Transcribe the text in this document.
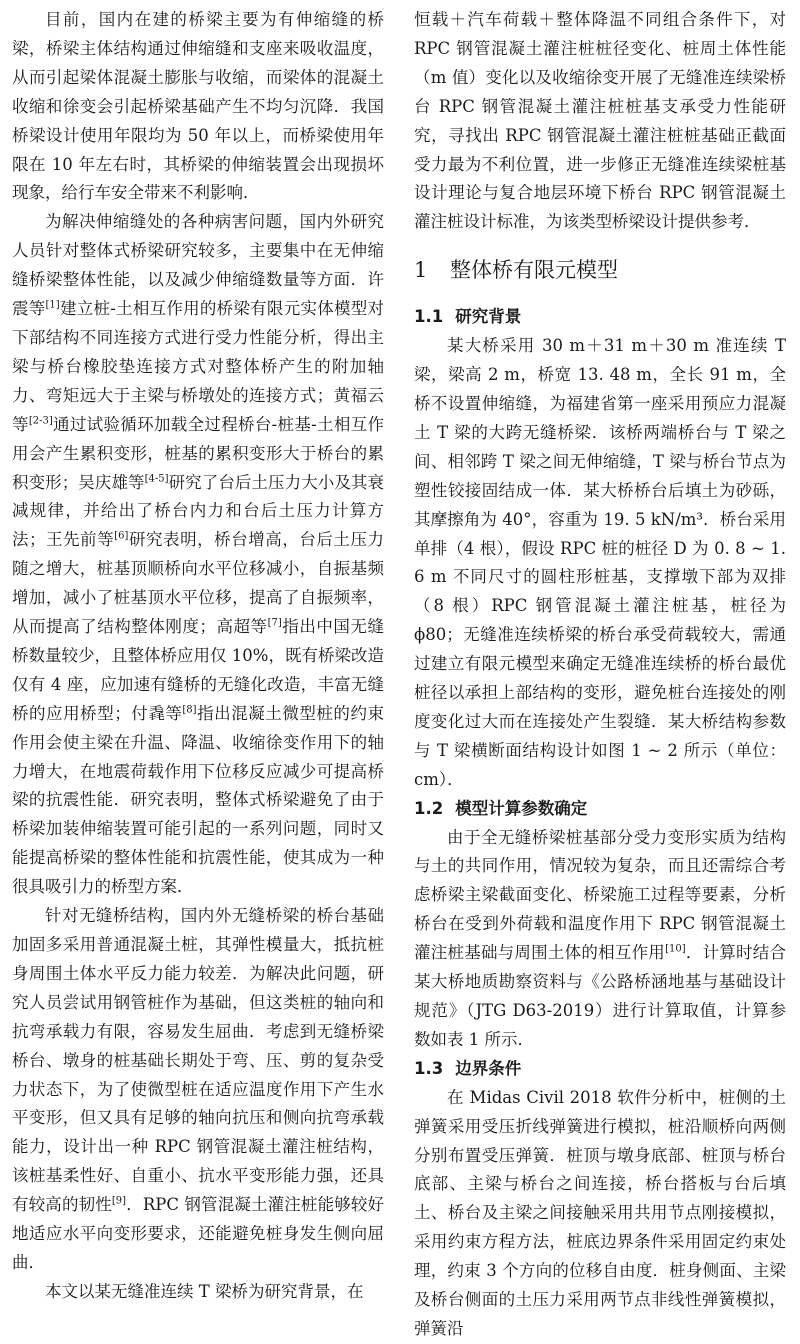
目前，国内在建的桥梁主要为有伸缩缝的桥梁，桥梁主体结构通过伸缩缝和支座来吸收温度，从而引起梁体混凝土膨胀与收缩，而梁体的混凝土收缩和徐变会引起桥梁基础产生不均匀沉降．我国桥梁设计使用年限均为 50 年以上，而桥梁使用年限在 10 年左右时，其桥梁的伸缩装置会出现损坏现象，给行车安全带来不利影响．

为解决伸缩缝处的各种病害问题，国内外研究人员针对整体式桥梁研究较多，主要集中在无伸缩缝桥梁整体性能，以及减少伸缩缝数量等方面．许震等[1]建立桩-土相互作用的桥梁有限元实体模型对下部结构不同连接方式进行受力性能分析，得出主梁与桥台橡胶垫连接方式对整体桥产生的附加轴力、弯矩远大于主梁与桥墩处的连接方式；黄福云等[2-3]通过试验循环加载全过程桥台-桩基-土相互作用会产生累积变形，桩基的累积变形大于桥台的累积变形；吴庆雄等[4-5]研究了台后土压力大小及其衰减规律，并给出了桥台内力和台后土压力计算方法；王先前等[6]研究表明，桥台增高，台后土压力随之增大，桩基顶顺桥向水平位移减小，自振基频增加，减小了桩基顶水平位移，提高了自振频率，从而提高了结构整体刚度；高超等[7]指出中国无缝桥数量较少，且整体桥应用仅 10%，既有桥梁改造仅有 4 座，应加速有缝桥的无缝化改造，丰富无缝桥的应用桥型；付毳等[8]指出混凝土微型桩的约束作用会使主梁在升温、降温、收缩徐变作用下的轴力增大，在地震荷载作用下位移反应减少可提高桥梁的抗震性能．研究表明，整体式桥梁避免了由于桥梁加装伸缩装置可能引起的一系列问题，同时又能提高桥梁的整体性能和抗震性能，使其成为一种很具吸引力的桥型方案．

针对无缝桥结构，国内外无缝桥梁的桥台基础加固多采用普通混凝土桩，其弹性模量大，抵抗桩身周围土体水平反力能力较差．为解决此问题，研究人员尝试用钢管桩作为基础，但这类桩的轴向和抗弯承载力有限，容易发生屈曲．考虑到无缝桥梁桥台、墩身的桩基础长期处于弯、压、剪的复杂受力状态下，为了使微型桩在适应温度作用下产生水平变形，但又具有足够的轴向抗压和侧向抗弯承载能力，设计出一种 RPC 钢管混凝土灌注桩结构，该桩基柔性好、自重小、抗水平变形能力强，还具有较高的韧性[9]．RPC 钢管混凝土灌注桩能够较好地适应水平向变形要求，还能避免桩身发生侧向屈曲．

本文以某无缝准连续 T 梁桥为研究背景，在

恒载＋汽车荷载＋整体降温不同组合条件下，对 RPC 钢管混凝土灌注桩桩径变化、桩周土体性能（m 值）变化以及收缩徐变开展了无缝准连续梁桥台 RPC 钢管混凝土灌注桩桩基支承受力性能研究，寻找出 RPC 钢管混凝土灌注桩桩基础正截面受力最为不利位置，进一步修正无缝准连续梁桩基设计理论与复合地层环境下桥台 RPC 钢管混凝土灌注桩设计标准，为该类型桥梁设计提供参考．

1 整体桥有限元模型
1.1 研究背景

某大桥采用 30 m＋31 m＋30 m 准连续 T 梁，梁高 2 m，桥宽 13. 48 m，全长 91 m，全桥不设置伸缩缝，为福建省第一座采用预应力混凝土 T 梁的大跨无缝桥梁．该桥两端桥台与 T 梁之间、相邻跨 T 梁之间无伸缩缝，T 梁与桥台节点为塑性铰接固结成一体．某大桥桥台后填土为砂砾，其摩擦角为 40°，容重为 19. 5 kN/m³．桥台采用单排（4 根），假设 RPC 桩的桩径 D 为 0. 8 ~ 1. 6 m 不同尺寸的圆柱形桩基，支撑墩下部为双排（8 根）RPC 钢管混凝土灌注桩基，桩径为 ϕ80；无缝准连续桥梁的桥台承受荷载较大，需通过建立有限元模型来确定无缝准连续桥的桥台最优桩径以承担上部结构的变形，避免桩台连接处的刚度变化过大而在连接处产生裂缝．某大桥结构参数与 T 梁横断面结构设计如图 1 ~ 2 所示（单位：cm）．

1.2 模型计算参数确定

由于全无缝桥梁桩基部分受力变形实质为结构与土的共同作用，情况较为复杂，而且还需综合考虑桥梁主梁截面变化、桥梁施工过程等要素，分析桥台在受到外荷载和温度作用下 RPC 钢管混凝土灌注桩基础与周围土体的相互作用[10]．计算时结合某大桥地质勘察资料与《公路桥涵地基与基础设计规范》（JTG D63-2019）进行计算取值，计算参数如表 1 所示．

1.3 边界条件

在 Midas Civil 2018 软件分析中，桩侧的土弹簧采用受压折线弹簧进行模拟，桩沿顺桥向两侧分别布置受压弹簧．桩顶与墩身底部、桩顶与桥台底部、主梁与桥台之间连接，桥台搭板与台后填土、桥台及主梁之间接触采用共用节点刚接模拟，采用约束方程方法，桩底边界条件采用固定约束处理，约束 3 个方向的位移自由度．桩身侧面、主梁及桥台侧面的土压力采用两节点非线性弹簧模拟，弹簧沿
